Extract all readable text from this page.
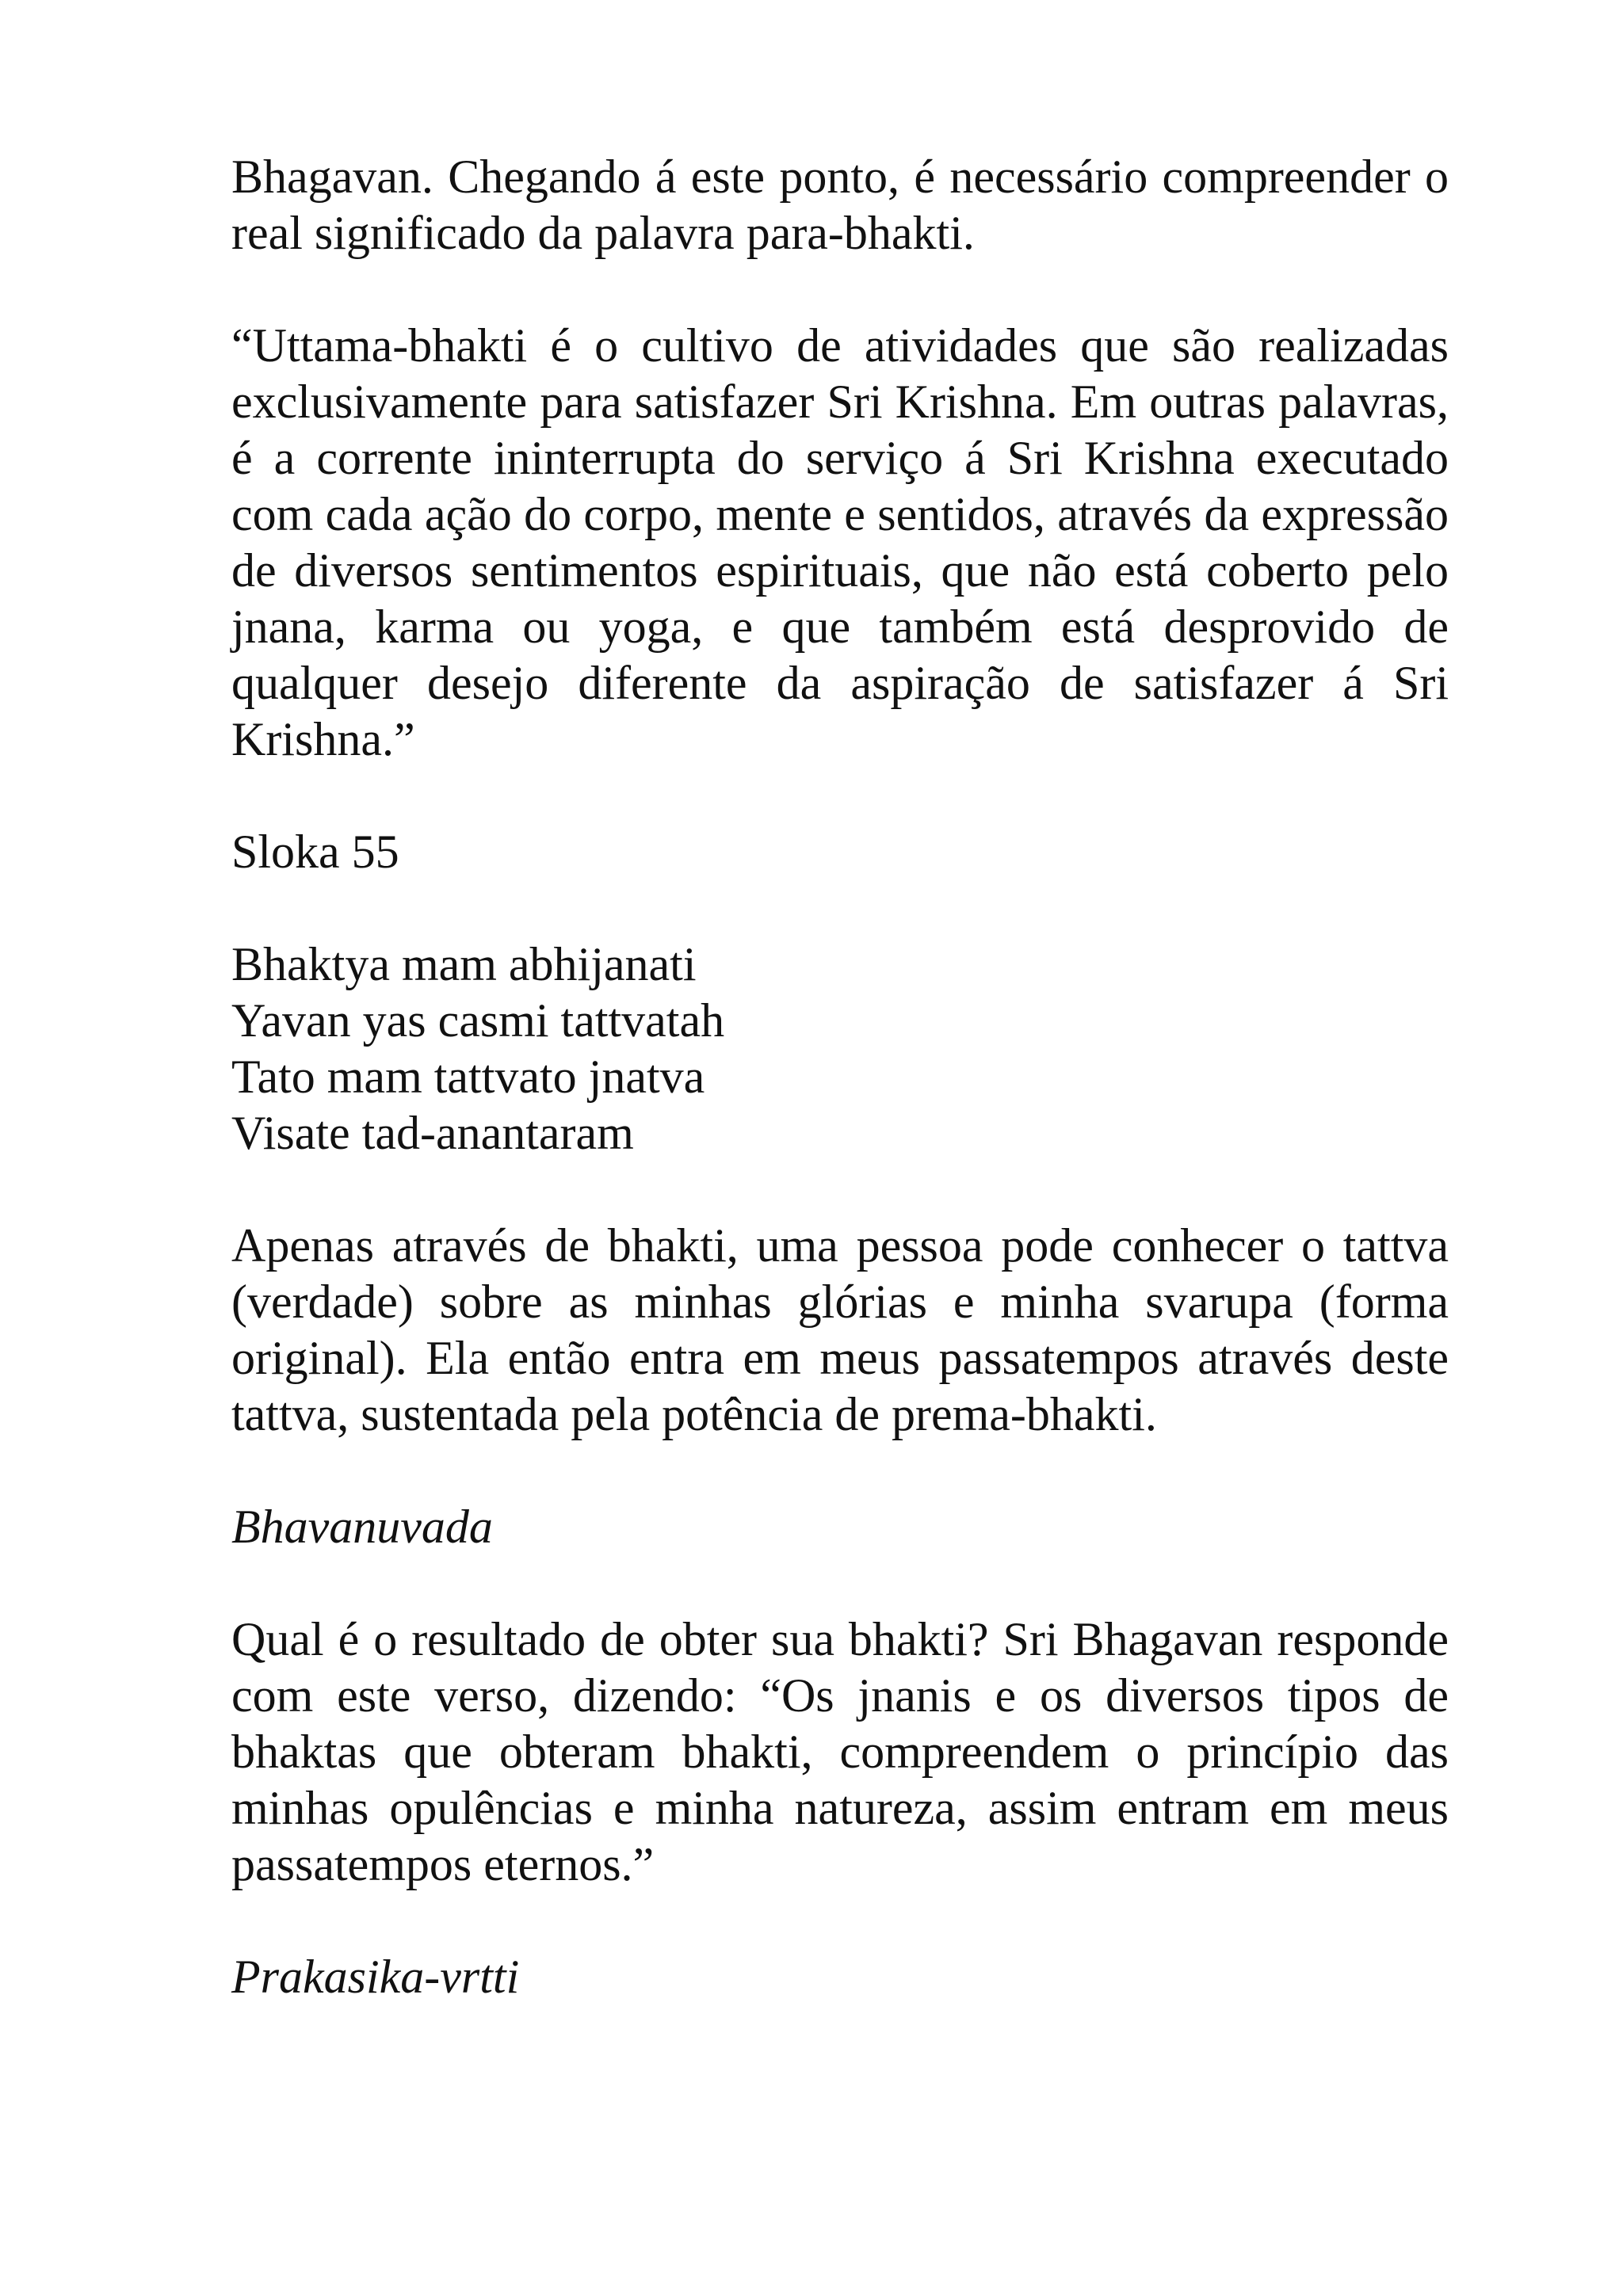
Bhagavan. Chegando á este ponto, é necessário compreender o real significado da palavra para-bhakti.

“Uttama-bhakti é o cultivo de atividades que são realizadas exclusivamente para satisfazer Sri Krishna. Em outras palavras, é a corrente ininterrupta do serviço á Sri Krishna executado com cada ação do corpo, mente e sentidos, através da expressão de diversos sentimentos espirituais, que não está coberto pelo jnana, karma ou yoga, e que também está desprovido de qualquer desejo diferente da aspiração de satisfazer á Sri Krishna.”

Sloka 55

Bhaktya mam abhijanati
Yavan yas casmi tattvatah
Tato mam tattvato jnatva
Visate tad-anantaram

Apenas através de bhakti, uma pessoa pode conhecer o tattva (verdade) sobre as minhas glórias e minha svarupa (forma original). Ela então entra em meus passatempos através deste tattva, sustentada pela potência de prema-bhakti.

Bhavanuvada

Qual é o resultado de obter sua bhakti? Sri Bhagavan responde com este verso, dizendo: “Os jnanis e os diversos tipos de bhaktas que obteram bhakti, compreendem o princípio das minhas opulências e minha natureza, assim entram em meus passatempos eternos.”

Prakasika-vrtti
